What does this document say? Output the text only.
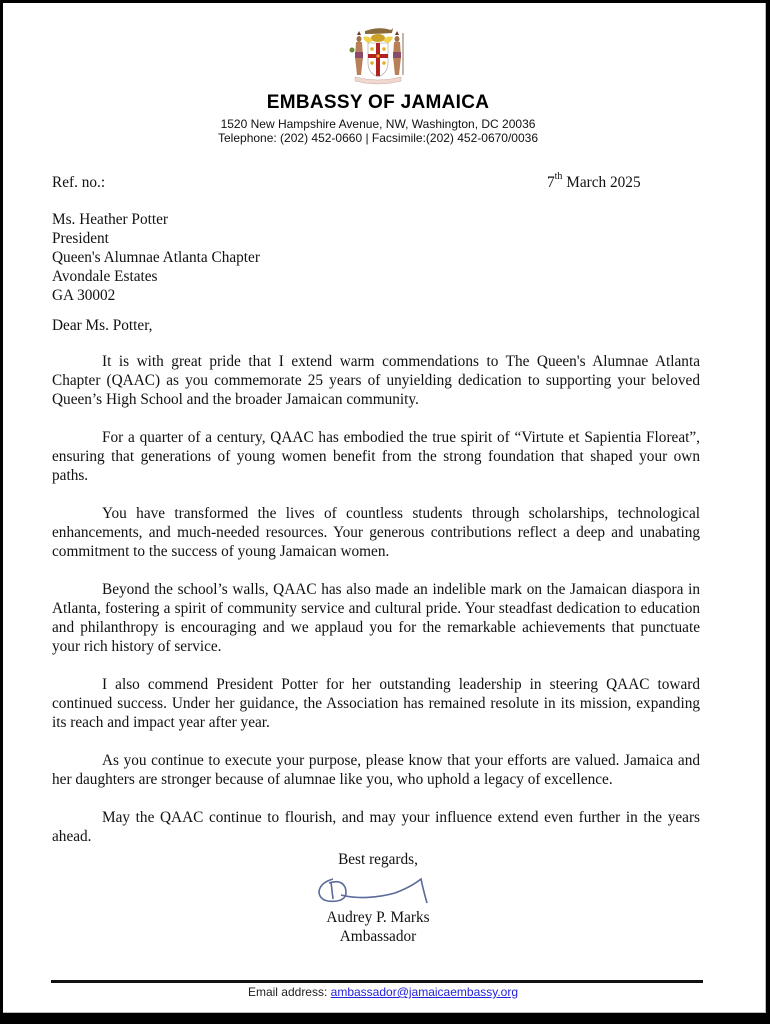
EMBASSY OF JAMAICA
1520 New Hampshire Avenue, NW, Washington, DC 20036
Telephone: (202) 452-0660 | Facsimile:(202) 452-0670/0036
Ref. no.:	7th March 2025
Ms. Heather Potter
President
Queen's Alumnae Atlanta Chapter
Avondale Estates
GA 30002
Dear Ms. Potter,

It is with great pride that I extend warm commendations to The Queen's Alumnae Atlanta Chapter (QAAC) as you commemorate 25 years of unyielding dedication to supporting your beloved Queen’s High School and the broader Jamaican community.

For a quarter of a century, QAAC has embodied the true spirit of “Virtute et Sapientia Floreat”, ensuring that generations of young women benefit from the strong foundation that shaped your own paths.

You have transformed the lives of countless students through scholarships, technological enhancements, and much-needed resources. Your generous contributions reflect a deep and unabating commitment to the success of young Jamaican women.

Beyond the school’s walls, QAAC has also made an indelible mark on the Jamaican diaspora in Atlanta, fostering a spirit of community service and cultural pride. Your steadfast dedication to education and philanthropy is encouraging and we applaud you for the remarkable achievements that punctuate your rich history of service.

I also commend President Potter for her outstanding leadership in steering QAAC toward continued success. Under her guidance, the Association has remained resolute in its mission, expanding its reach and impact year after year.

As you continue to execute your purpose, please know that your efforts are valued. Jamaica and her daughters are stronger because of alumnae like you, who uphold a legacy of excellence.

May the QAAC continue to flourish, and may your influence extend even further in the years ahead.

Best regards,
Audrey P. Marks
Ambassador
Email address: ambassador@jamaicaembassy.org
